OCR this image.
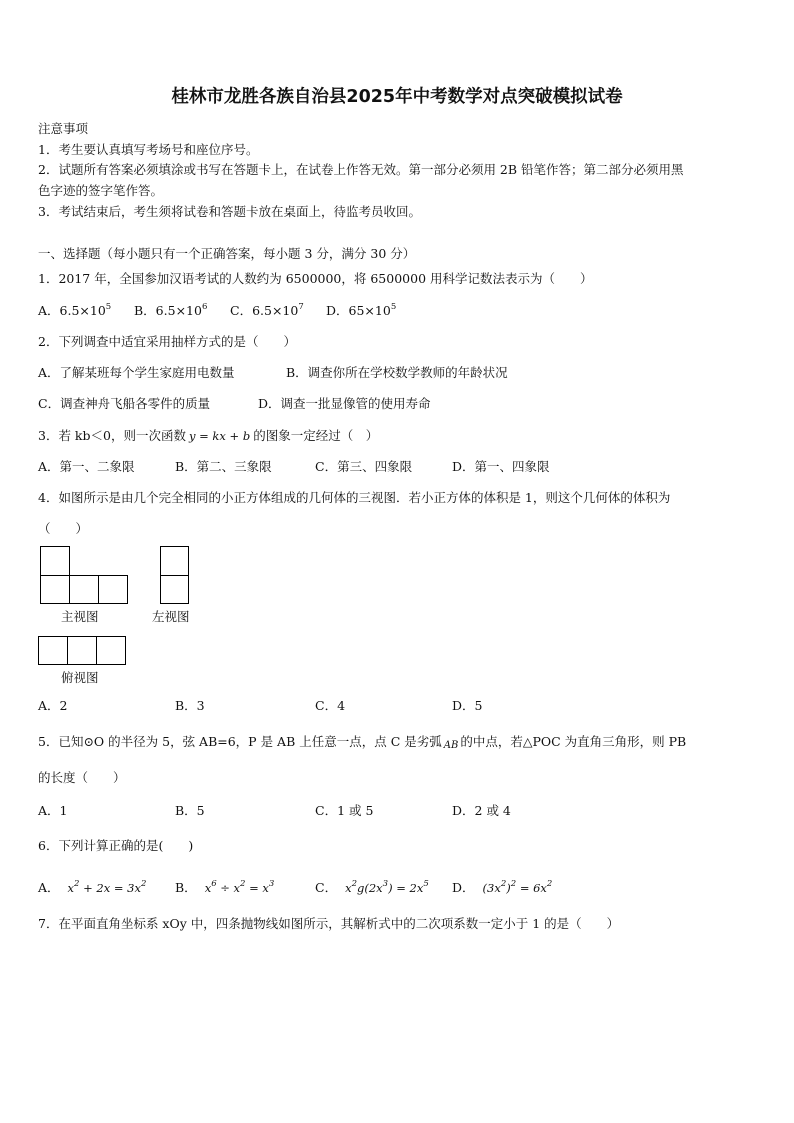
桂林市龙胜各族自治县2025年中考数学对点突破模拟试卷
注意事项
1．考生要认真填写考场号和座位序号。
2．试题所有答案必须填涂或书写在答题卡上，在试卷上作答无效。第一部分必须用 2B 铅笔作答；第二部分必须用黑
色字迹的签字笔作答。
3．考试结束后，考生须将试卷和答题卡放在桌面上，待监考员收回。
一、选择题（每小题只有一个正确答案，每小题 3 分，满分 30 分）
1．2017 年，全国参加汉语考试的人数约为 6500000，将 6500000 用科学记数法表示为（　　）
A．$6.5\times 10^5$ B．$6.5\times 10^6$ C．$6.5\times 10^7$ D．$65\times 10^5$
2．下列调查中适宜采用抽样方式的是（　　）
A．了解某班每个学生家庭用电数量	B．调查你所在学校数学教师的年龄状况
C．调查神舟飞船各零件的质量	D．调查一批显像管的使用寿命
3．若 kb＜0，则一次函数 y = kx + b 的图象一定经过（　）
A．第一、二象限	B．第二、三象限	C．第三、四象限	D．第一、四象限
4．如图所示是由几个完全相同的小正方体组成的几何体的三视图．若小正方体的体积是 1，则这个几何体的体积为
（　　）
主视图	左视图
俯视图
A．2	B．3	C．4	D．5
5．已知⊙O 的半径为 5，弦 AB=6，P 是 AB 上任意一点，点 C 是劣弧 AB 的中点，若△POC 为直角三角形，则 PB
的长度（　　）
A．1	B．5	C．1 或 5	D．2 或 4
6．下列计算正确的是(　　)
A． $x^2 + 2x = 3x^2$ B． $x^6 \div x^2 = x^3$	C． $x^2g(2x^3) = 2x^5$ D． $(3x^2)^2 = 6x^2$
7．在平面直角坐标系 xOy 中，四条抛物线如图所示，其解析式中的二次项系数一定小于 1 的是（　　）
